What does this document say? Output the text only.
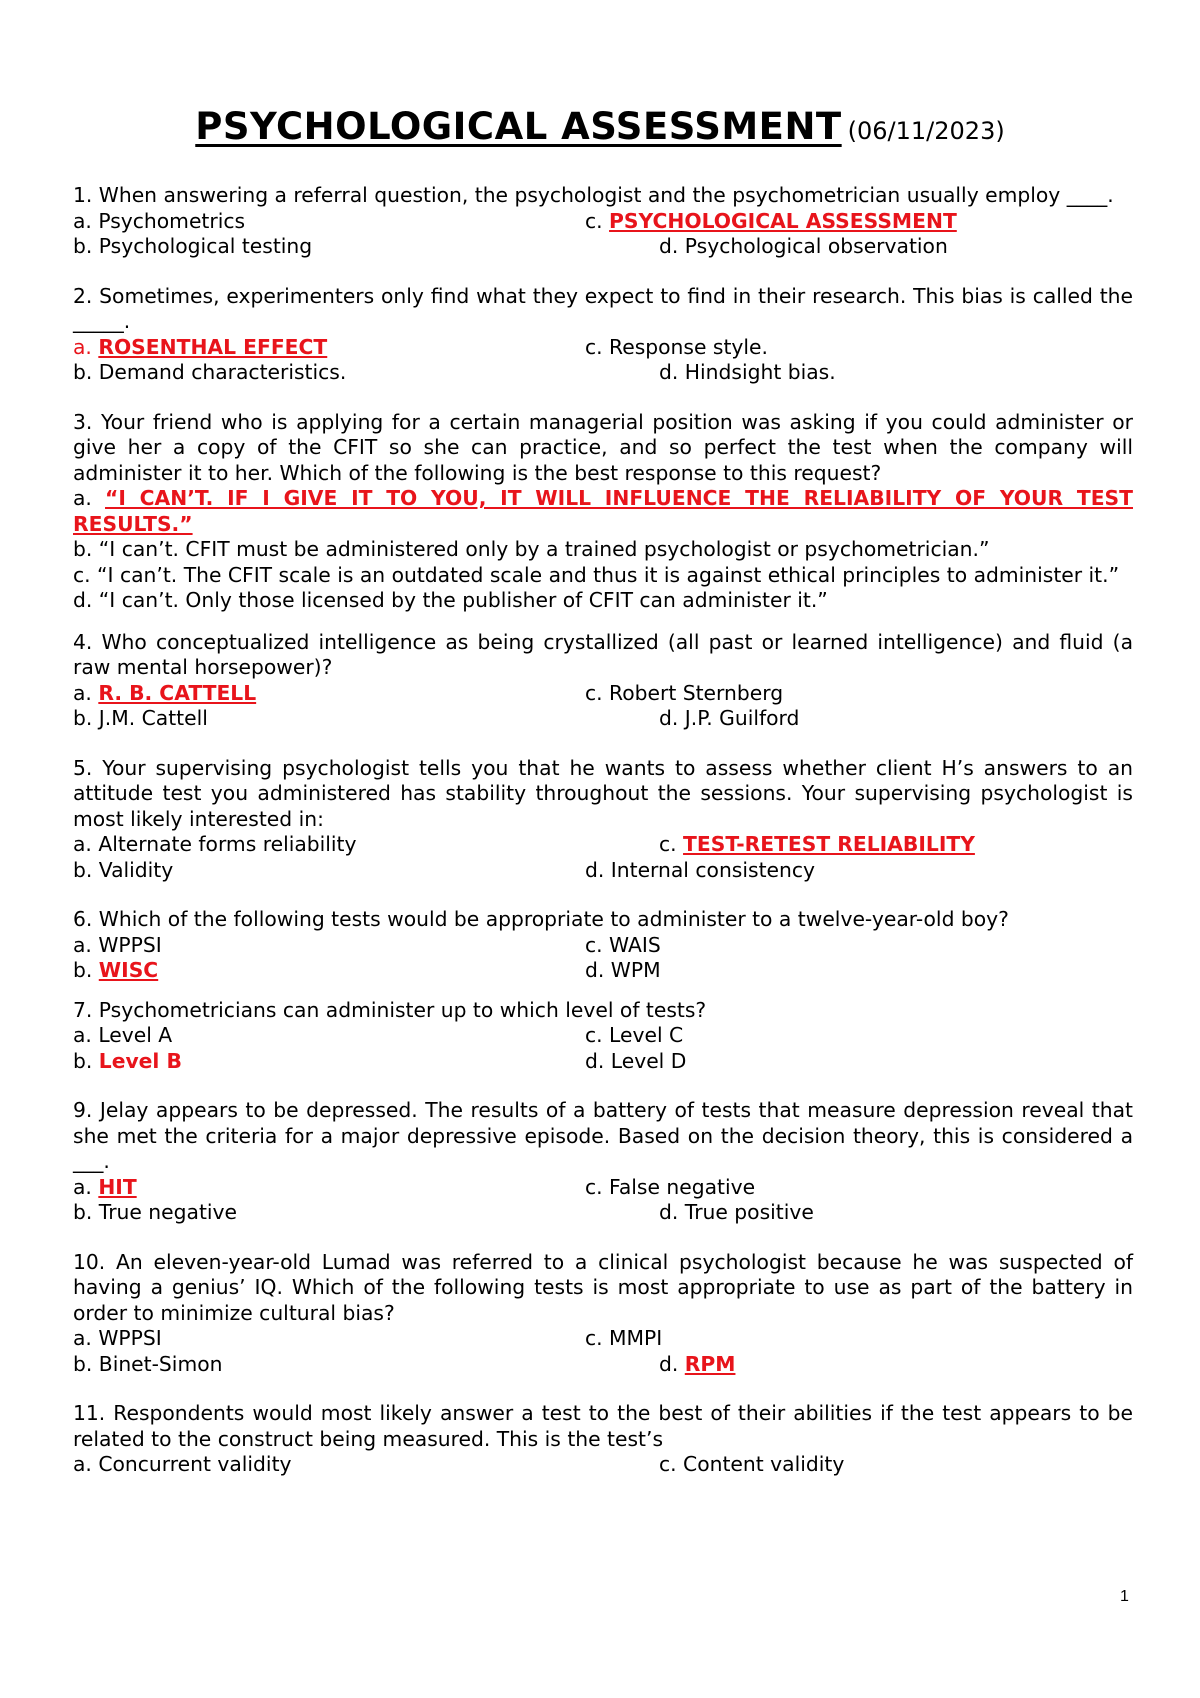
PSYCHOLOGICAL ASSESSMENT (06/11/2023)
1. When answering a referral question, the psychologist and the psychometrician usually employ ____.
a. Psychometrics	c. PSYCHOLOGICAL ASSESSMENT
b. Psychological testing	d. Psychological observation
2. Sometimes, experimenters only find what they expect to find in their research. This bias is called the _____.
a. ROSENTHAL EFFECT	c. Response style.
b. Demand characteristics.	d. Hindsight bias.
3. Your friend who is applying for a certain managerial position was asking if you could administer or give her a copy of the CFIT so she can practice, and so perfect the test when the company will administer it to her. Which of the following is the best response to this request?
a. “I CAN’T. IF I GIVE IT TO YOU, IT WILL INFLUENCE THE RELIABILITY OF YOUR TEST RESULTS.”
b. “I can’t. CFIT must be administered only by a trained psychologist or psychometrician.”
c. “I can’t. The CFIT scale is an outdated scale and thus it is against ethical principles to administer it.”
d. “I can’t. Only those licensed by the publisher of CFIT can administer it.”
4. Who conceptualized intelligence as being crystallized (all past or learned intelligence) and fluid (a raw mental horsepower)?
a. R. B. CATTELL	c. Robert Sternberg
b. J.M. Cattell	d. J.P. Guilford
5. Your supervising psychologist tells you that he wants to assess whether client H’s answers to an attitude test you administered has stability throughout the sessions. Your supervising psychologist is most likely interested in:
a. Alternate forms reliability	c. TEST-RETEST RELIABILITY
b. Validity	d. Internal consistency
6. Which of the following tests would be appropriate to administer to a twelve-year-old boy?
a. WPPSI	c. WAIS
b. WISC	d. WPM
7. Psychometricians can administer up to which level of tests?
a. Level A	c. Level C
b. Level B	d. Level D
9. Jelay appears to be depressed. The results of a battery of tests that measure depression reveal that she met the criteria for a major depressive episode. Based on the decision theory, this is considered a ___.
a. HIT	c. False negative
b. True negative	d. True positive
10. An eleven-year-old Lumad was referred to a clinical psychologist because he was suspected of having a genius’ IQ. Which of the following tests is most appropriate to use as part of the battery in order to minimize cultural bias?
a. WPPSI	c. MMPI
b. Binet-Simon	d. RPM
11. Respondents would most likely answer a test to the best of their abilities if the test appears to be related to the construct being measured. This is the test’s
a. Concurrent validity	c. Content validity
1
